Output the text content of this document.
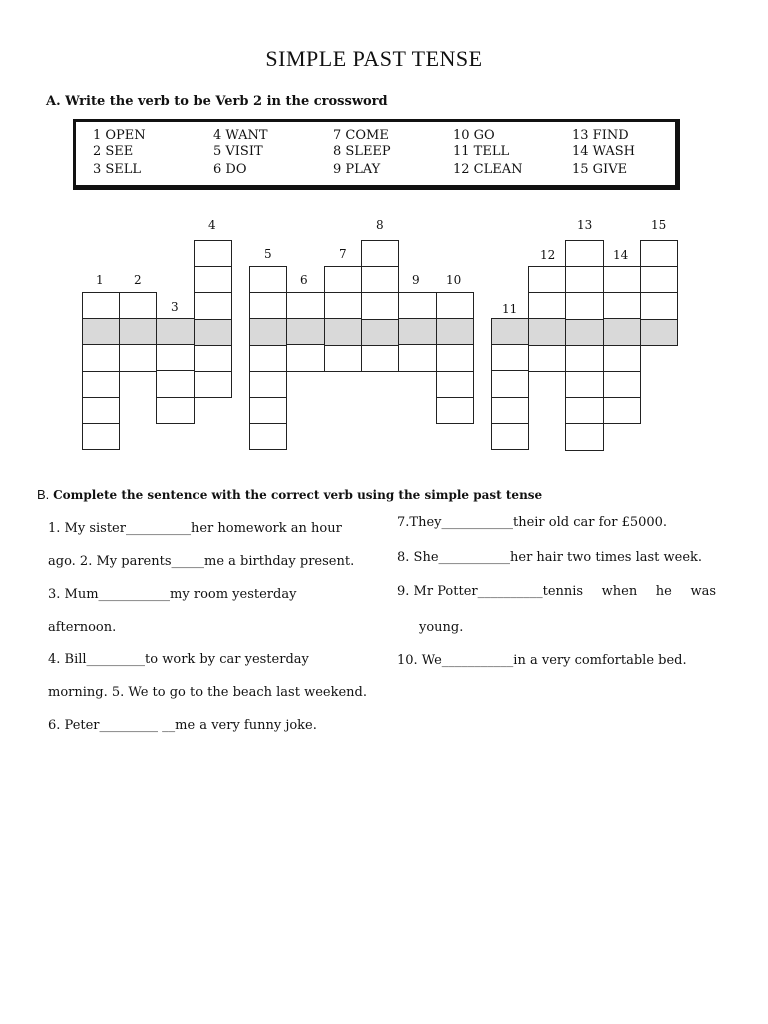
SIMPLE PAST TENSE
A. Write the verb to be Verb 2 in the crossword
1 OPEN
2 SEE
3 SELL
4 WANT
5 VISIT
6 DO
7 COME
8 SLEEP
9 PLAY
10 GO
11 TELL
12 CLEAN
13 FIND
14 WASH
15 GIVE
1	2
3
4
5
6
7
8
9 10
11
12
13
14
15
B. Complete the sentence with the correct verb using the simple past tense
1. My sister__________her homework an hour
ago. 2. My parents_____me a birthday present.
3. Mum___________my room yesterday
afternoon.
4. Bill_________to work by car yesterday
morning. 5. We to go to the beach last weekend.
6. Peter_________ __me a very funny joke.
7.They___________their old car for £5000.
8. She___________her hair two times last week.
9. Mr Potter__________tennis when he was
young.
10. We___________in a very comfortable bed.
